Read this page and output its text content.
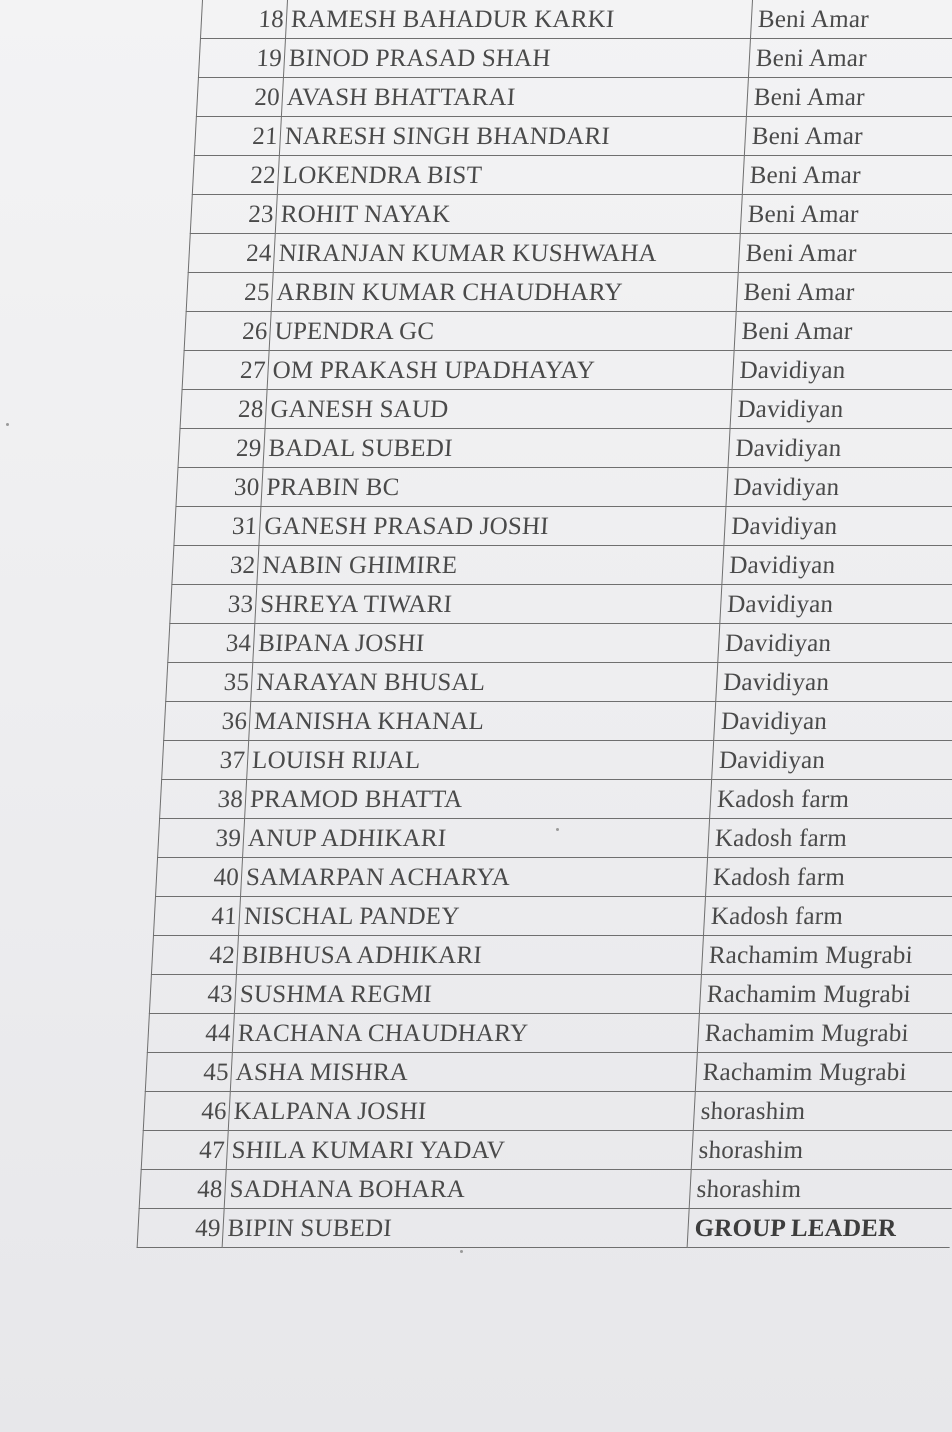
18	RAMESH BAHADUR KARKI	Beni Amar
19	BINOD PRASAD SHAH	Beni Amar
20	AVASH BHATTARAI	Beni Amar
21	NARESH SINGH BHANDARI	Beni Amar
22	LOKENDRA BIST	Beni Amar
23	ROHIT NAYAK	Beni Amar
24	NIRANJAN KUMAR KUSHWAHA	Beni Amar
25	ARBIN KUMAR CHAUDHARY	Beni Amar
26	UPENDRA GC	Beni Amar
27	OM PRAKASH UPADHAYAY	Davidiyan
28	GANESH SAUD	Davidiyan
29	BADAL SUBEDI	Davidiyan
30	PRABIN BC	Davidiyan
31	GANESH PRASAD JOSHI	Davidiyan
32	NABIN GHIMIRE	Davidiyan
33	SHREYA TIWARI	Davidiyan
34	BIPANA JOSHI	Davidiyan
35	NARAYAN BHUSAL	Davidiyan
36	MANISHA KHANAL	Davidiyan
37	LOUISH RIJAL	Davidiyan
38	PRAMOD BHATTA	Kadosh farm
39	ANUP ADHIKARI	Kadosh farm
40	SAMARPAN ACHARYA	Kadosh farm
41	NISCHAL PANDEY	Kadosh farm
42	BIBHUSA ADHIKARI	Rachamim Mugrabi
43	SUSHMA REGMI	Rachamim Mugrabi
44	RACHANA CHAUDHARY	Rachamim Mugrabi
45	ASHA MISHRA	Rachamim Mugrabi
46	KALPANA JOSHI	shorashim
47	SHILA KUMARI YADAV	shorashim
48	SADHANA BOHARA	shorashim
49	BIPIN SUBEDI	GROUP LEADER
